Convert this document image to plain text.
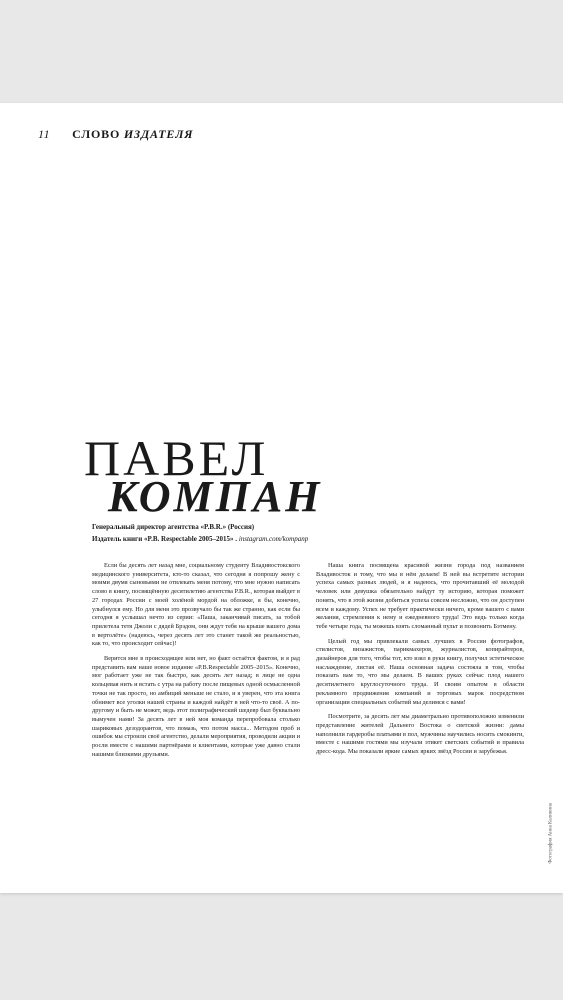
11 СЛОВО ИЗДАТЕЛЯ
ПАВЕЛ
КОМПАН
Генеральный директор агентства «P.B.R.» (Россия)
Издатель книги «P.B. Respectable 2005–2015» . instagram.com/kompanp

Если бы десять лет назад мне, социальному студенту Владивостокского медицинского университета, кто-то сказал, что сегодня я попрошу жену с моими двумя сыновьями не отвлекать меня потому, что мне нужно написать слово в книгу, посвящённую десятилетию агентства P.B.R., которая выйдет в 27 городах России с моей холёной мордой на обложке, я бы, конечно, улыбнулся ему. Но для меня это прозвучало бы так же странно, как если бы сегодня я услышал нечто из серии: «Паша, заканчивай писать, за тобой прилетела тетя Джоли с дядей Брэдом, они ждут тебя на крыше вашего дома в вертолёте» (надеюсь, через десять лет это станет такой же реальностью, как то, что происходит сейчас)!

Верится мне в происходящее или нет, но факт остаётся фактом, и я рад представить вам наше новое издание «P.B.Respectable 2005–2015». Конечно, мог работает уже не так быстро, как десять лет назад; в лице не одна кольцевая нить и встать с утра на работу после пищевых одной осмысленной точки не так просто, но амбиций меньше не стало, и я уверен, что эта книга обнимет все уголки нашей страны и каждой найдёт в ней что-то своё. А по-другому и быть не может, ведь этот полиграфический шедевр был буквально вымучен нами! За десять лет в ней моя команда перепробовала столько шариковых дезодорантов, что помазь, что потом масса... Методом проб и ошибок мы строили своё агентство, делали мероприятия, проводили акции и росли вместе с нашими партнёрами и клиентами, которые уже давно стали нашими близкими друзьями.

Наша книга посвящена красивой жизни города под названием Владивосток и тому, что мы в нём делаем! В ней вы встретите истории успеха самых разных людей, и я надеюсь, что прочитавший её молодой человек или девушка обязательно найдут ту историю, которая поможет понять, что в этой жизни добиться успеха совсем несложно, что он доступен всем и каждому. Успех не требует практически ничего, кроме вашего с вами желания, стремления к нему и ежедневного труда! Это ведь только когда тебе четыре года, ты можешь взять сломанный пульт и позвонить Бэтмену.

Целый год мы привлекали самых лучших в России фотографов, стилистов, визажистов, парикмахеров, журналистов, копирайтеров, дизайнеров для того, чтобы тот, кто взял в руки книгу, получил эстетическое наслаждение, листая её. Наша основная задача состояла в том, чтобы показать вам то, что мы делаем. В ваших руках сейчас плод нашего десятилетнего круглосуточного труда. И своим опытом в области рекламного продвижения компаний и торговых марок посредством организации специальных событий мы делимся с вами!

Посмотрите, за десять лет мы диаметрально противоположно изменили представление жителей Дальнего Востока о светской жизни: дамы наполнили гардеробы платьями в пол, мужчины научились носить смокинги, вместе с нашими гостями мы изучали этикет светских событий и правила дресс-кода. Мы показали яркие самых ярких звёзд России и зарубежья.

Фотография Анна Калинина
